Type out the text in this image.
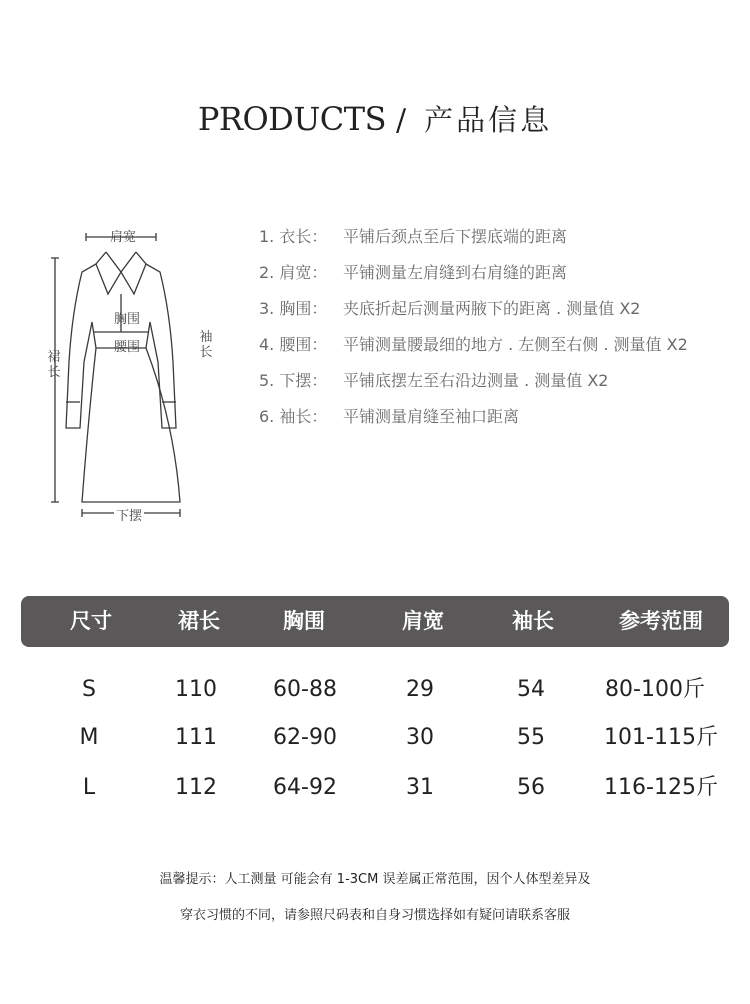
PRODUCTS / 产品信息
肩宽
胸围
腰围
裙
长
袖
长
下摆
1. 衣长： 平铺后颈点至后下摆底端的距离
2. 肩宽： 平铺测量左肩缝到右肩缝的距离
3. 胸围： 夹底折起后测量两腋下的距离 . 测量值 X2
4. 腰围： 平铺测量腰最细的地方 . 左侧至右侧 . 测量值 X2
5. 下摆： 平铺底摆左至右沿边测量 . 测量值 X2
6. 袖长： 平铺测量肩缝至袖口距离
尺寸	裙长	胸围	肩宽	袖长	参考范围
S	110	60-88	29	54	80-100斤
M	111	62-90	30	55	101-115斤
L	112	64-92	31	56	116-125斤
温馨提示：人工测量 可能会有 1-3CM 误差属正常范围，因个人体型差异及
穿衣习惯的不同，请参照尺码表和自身习惯选择如有疑问请联系客服
